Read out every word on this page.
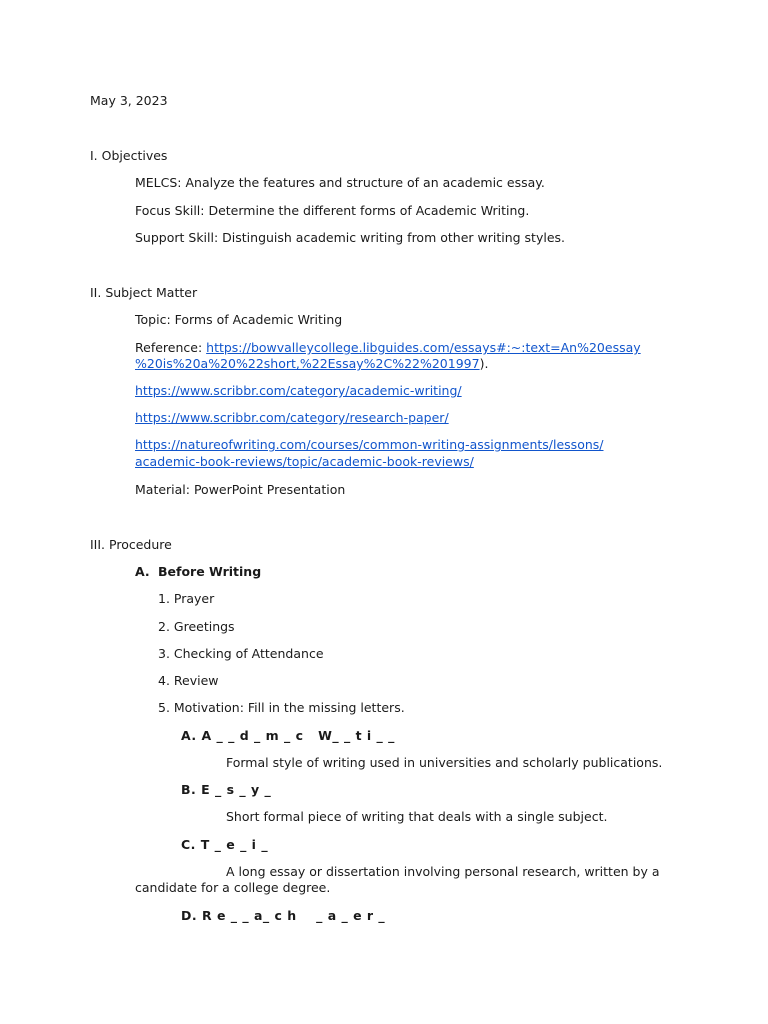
May 3, 2023
I. Objectives
MELCS: Analyze the features and structure of an academic essay.
Focus Skill: Determine the different forms of Academic Writing.
Support Skill: Distinguish academic writing from other writing styles.
II. Subject Matter
Topic: Forms of Academic Writing
Reference: https://bowvalleycollege.libguides.com/essays#:~:text=An%20essay
%20is%20a%20%22short,%22Essay%2C%22%201997).
https://www.scribbr.com/category/academic-writing/
https://www.scribbr.com/category/research-paper/
https://natureofwriting.com/courses/common-writing-assignments/lessons/
academic-book-reviews/topic/academic-book-reviews/
Material: PowerPoint Presentation
III. Procedure
A. Before Writing
1. Prayer
2. Greetings
3. Checking of Attendance
4. Review
5. Motivation: Fill in the missing letters.
A. A _ _ d _ m _ c   W_ _ t i _ _
Formal style of writing used in universities and scholarly publications.
B. E _ s _ y _
Short formal piece of writing that deals with a single subject.
C. T _ e _ i _
A long essay or dissertation involving personal research, written by a
candidate for a college degree.
D. R e _ _ a_ c h    _ a _ e r _
